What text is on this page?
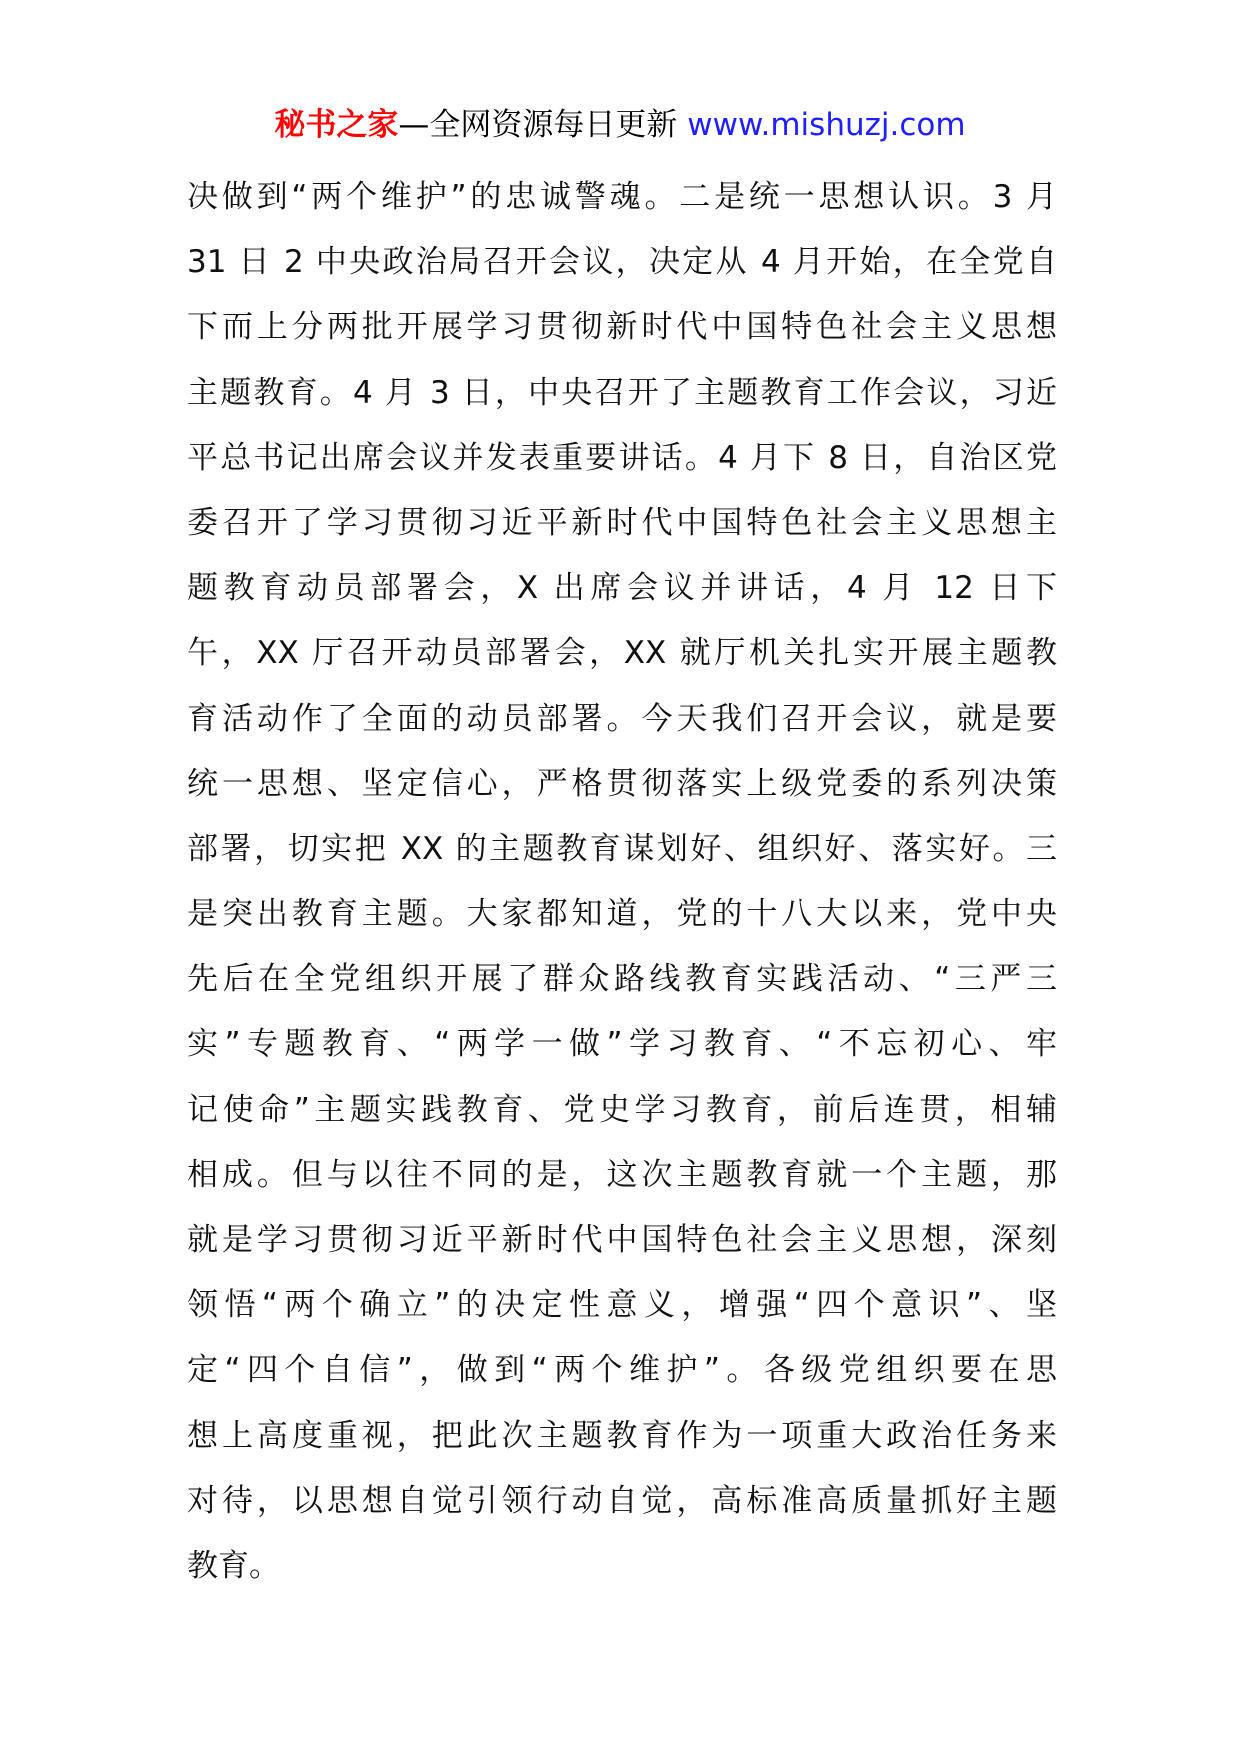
秘书之家—全网资源每日更新 www.mishuzj.com
决做到“两个维护”的忠诚警魂。二是统一思想认识。3 月
31 日 2 中央政治局召开会议，决定从 4 月开始，在全党自
下而上分两批开展学习贯彻新时代中国特色社会主义思想
主题教育。4 月 3 日，中央召开了主题教育工作会议，习近
平总书记出席会议并发表重要讲话。4 月下 8 日，自治区党
委召开了学习贯彻习近平新时代中国特色社会主义思想主
题教育动员部署会，X 出席会议并讲话，4 月 12 日下
午，XX 厅召开动员部署会，XX 就厅机关扎实开展主题教
育活动作了全面的动员部署。今天我们召开会议，就是要
统一思想、坚定信心，严格贯彻落实上级党委的系列决策
部署，切实把 XX 的主题教育谋划好、组织好、落实好。三
是突出教育主题。大家都知道，党的十八大以来，党中央
先后在全党组织开展了群众路线教育实践活动、“三严三
实”专题教育、“两学一做”学习教育、“不忘初心、牢
记使命”主题实践教育、党史学习教育，前后连贯，相辅
相成。但与以往不同的是，这次主题教育就一个主题，那
就是学习贯彻习近平新时代中国特色社会主义思想，深刻
领悟“两个确立”的决定性意义，增强“四个意识”、坚
定“四个自信”，做到“两个维护”。各级党组织要在思
想上高度重视，把此次主题教育作为一项重大政治任务来
对待，以思想自觉引领行动自觉，高标准高质量抓好主题
教育。
